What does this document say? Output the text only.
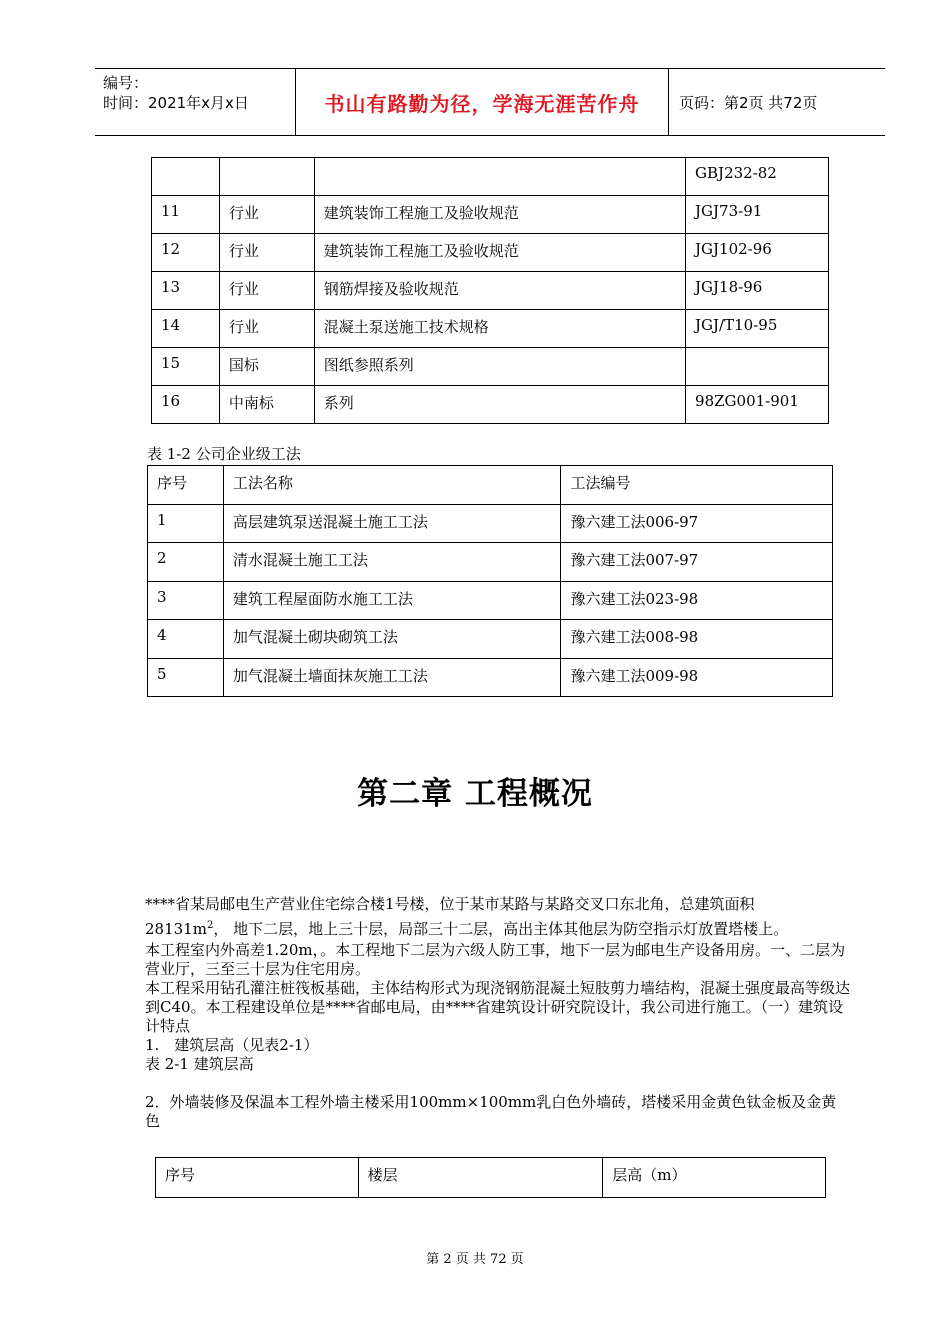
编号：
时间：2021年x月x日	书山有路勤为径，学海无涯苦作舟	页码：第2页 共72页
			GBJ232-82
11	行业	建筑装饰工程施工及验收规范	JGJ73-91
12	行业	建筑装饰工程施工及验收规范	JGJ102-96
13	行业	钢筋焊接及验收规范	JGJ18-96
14	行业	混凝土泵送施工技术规格	JGJ/T10-95
15	国标	图纸参照系列	
16	中南标	系列	98ZG001-901
表 1-2 公司企业级工法
序号	工法名称	工法编号
1	高层建筑泵送混凝土施工工法	豫六建工法006-97
2	清水混凝土施工工法	豫六建工法007-97
3	建筑工程屋面防水施工工法	豫六建工法023-98
4	加气混凝土砌块砌筑工法	豫六建工法008-98
5	加气混凝土墙面抹灰施工工法	豫六建工法009-98
第二章 工程概况

****省某局邮电生产营业住宅综合楼1号楼，位于某市某路与某路交叉口东北角，总建筑面积

$28131m^2$， 地下二层，地上三十层，局部三十二层，高出主体其他层为防空指示灯放置塔楼上。

本工程室内外高差1.20m，。本工程地下二层为六级人防工事，地下一层为邮电生产设备用房。一、二层为营业厅，三至三十层为住宅用房。

本工程采用钻孔灌注桩筏板基础，主体结构形式为现浇钢筋混凝土短肢剪力墙结构，混凝土强度最高等级达到C40。本工程建设单位是****省邮电局，由****省建筑设计研究院设计，我公司进行施工。（一）建筑设计特点

1.　建筑层高（见表2-1）

表 2-1 建筑层高

2．外墙装修及保温本工程外墙主楼采用100mm×100mm乳白色外墙砖，塔楼采用金黄色钛金板及金黄色

序号	楼层	层高（m）
第 2 页 共 72 页
